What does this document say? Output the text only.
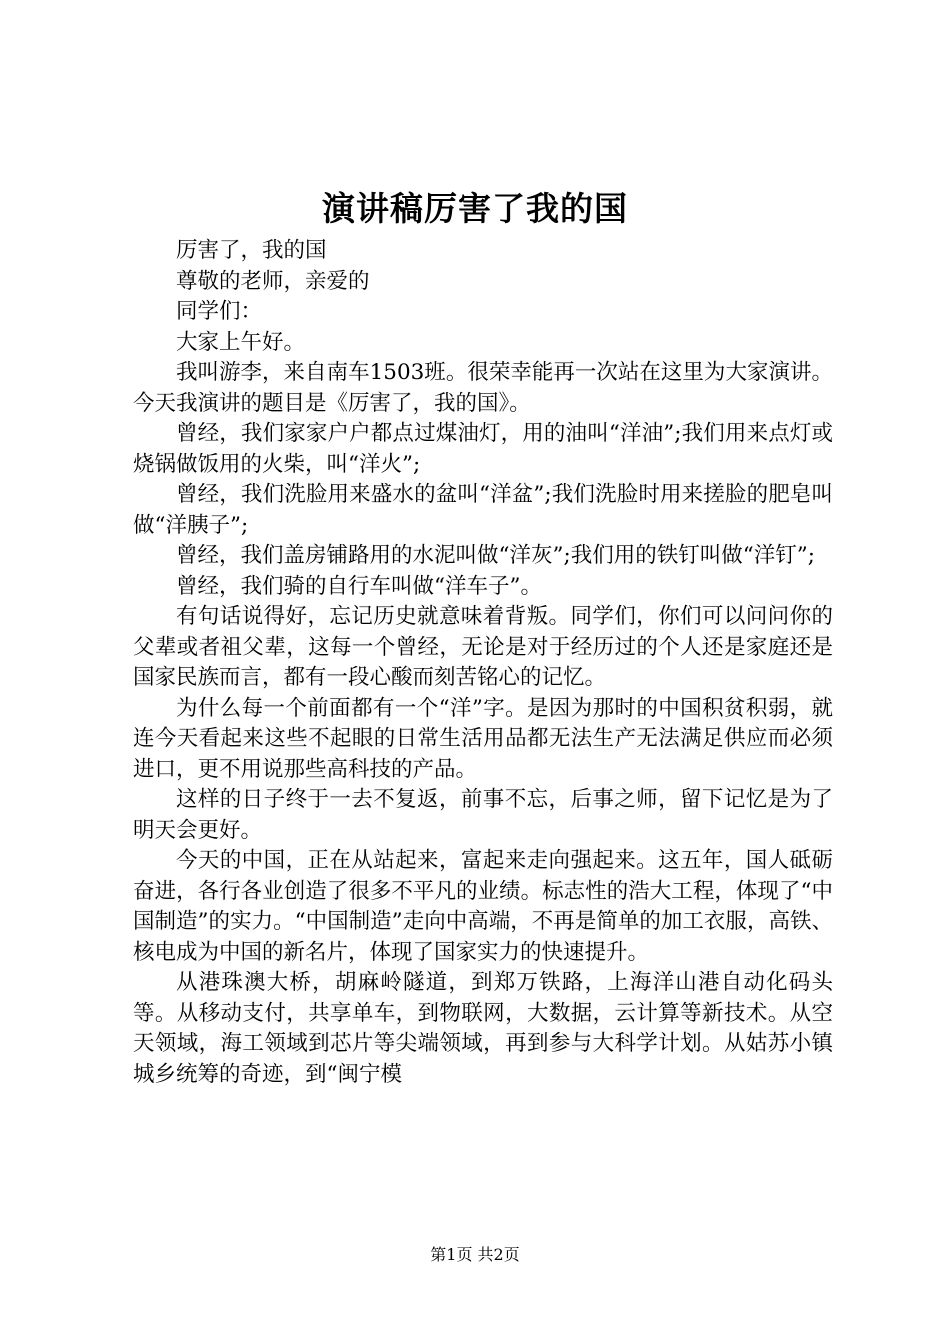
演讲稿厉害了我的国

厉害了，我的国

尊敬的老师，亲爱的

同学们：

大家上午好。

我叫游李，来自南车1503班。很荣幸能再一次站在这里为大家演讲。今天我演讲的题目是《厉害了，我的国》。

曾经，我们家家户户都点过煤油灯，用的油叫“洋油”;我们用来点灯或烧锅做饭用的火柴，叫“洋火”;

曾经，我们洗脸用来盛水的盆叫“洋盆”;我们洗脸时用来搓脸的肥皂叫做“洋胰子”;

曾经，我们盖房铺路用的水泥叫做“洋灰”;我们用的铁钉叫做“洋钉”;

曾经，我们骑的自行车叫做“洋车子”。

有句话说得好，忘记历史就意味着背叛。同学们，你们可以问问你的父辈或者祖父辈，这每一个曾经，无论是对于经历过的个人还是家庭还是国家民族而言，都有一段心酸而刻苦铭心的记忆。

为什么每一个前面都有一个“洋”字。是因为那时的中国积贫积弱，就连今天看起来这些不起眼的日常生活用品都无法生产无法满足供应而必须进口，更不用说那些高科技的产品。

这样的日子终于一去不复返，前事不忘，后事之师，留下记忆是为了明天会更好。

今天的中国，正在从站起来，富起来走向强起来。这五年，国人砥砺奋进，各行各业创造了很多不平凡的业绩。标志性的浩大工程，体现了“中国制造”的实力。“中国制造”走向中高端，不再是简单的加工衣服，高铁、核电成为中国的新名片，体现了国家实力的快速提升。

从港珠澳大桥，胡麻岭隧道，到郑万铁路，上海洋山港自动化码头等。从移动支付，共享单车，到物联网，大数据，云计算等新技术。从空天领域，海工领域到芯片等尖端领域，再到参与大科学计划。从姑苏小镇城乡统筹的奇迹，到“闽宁模

第1页 共2页
